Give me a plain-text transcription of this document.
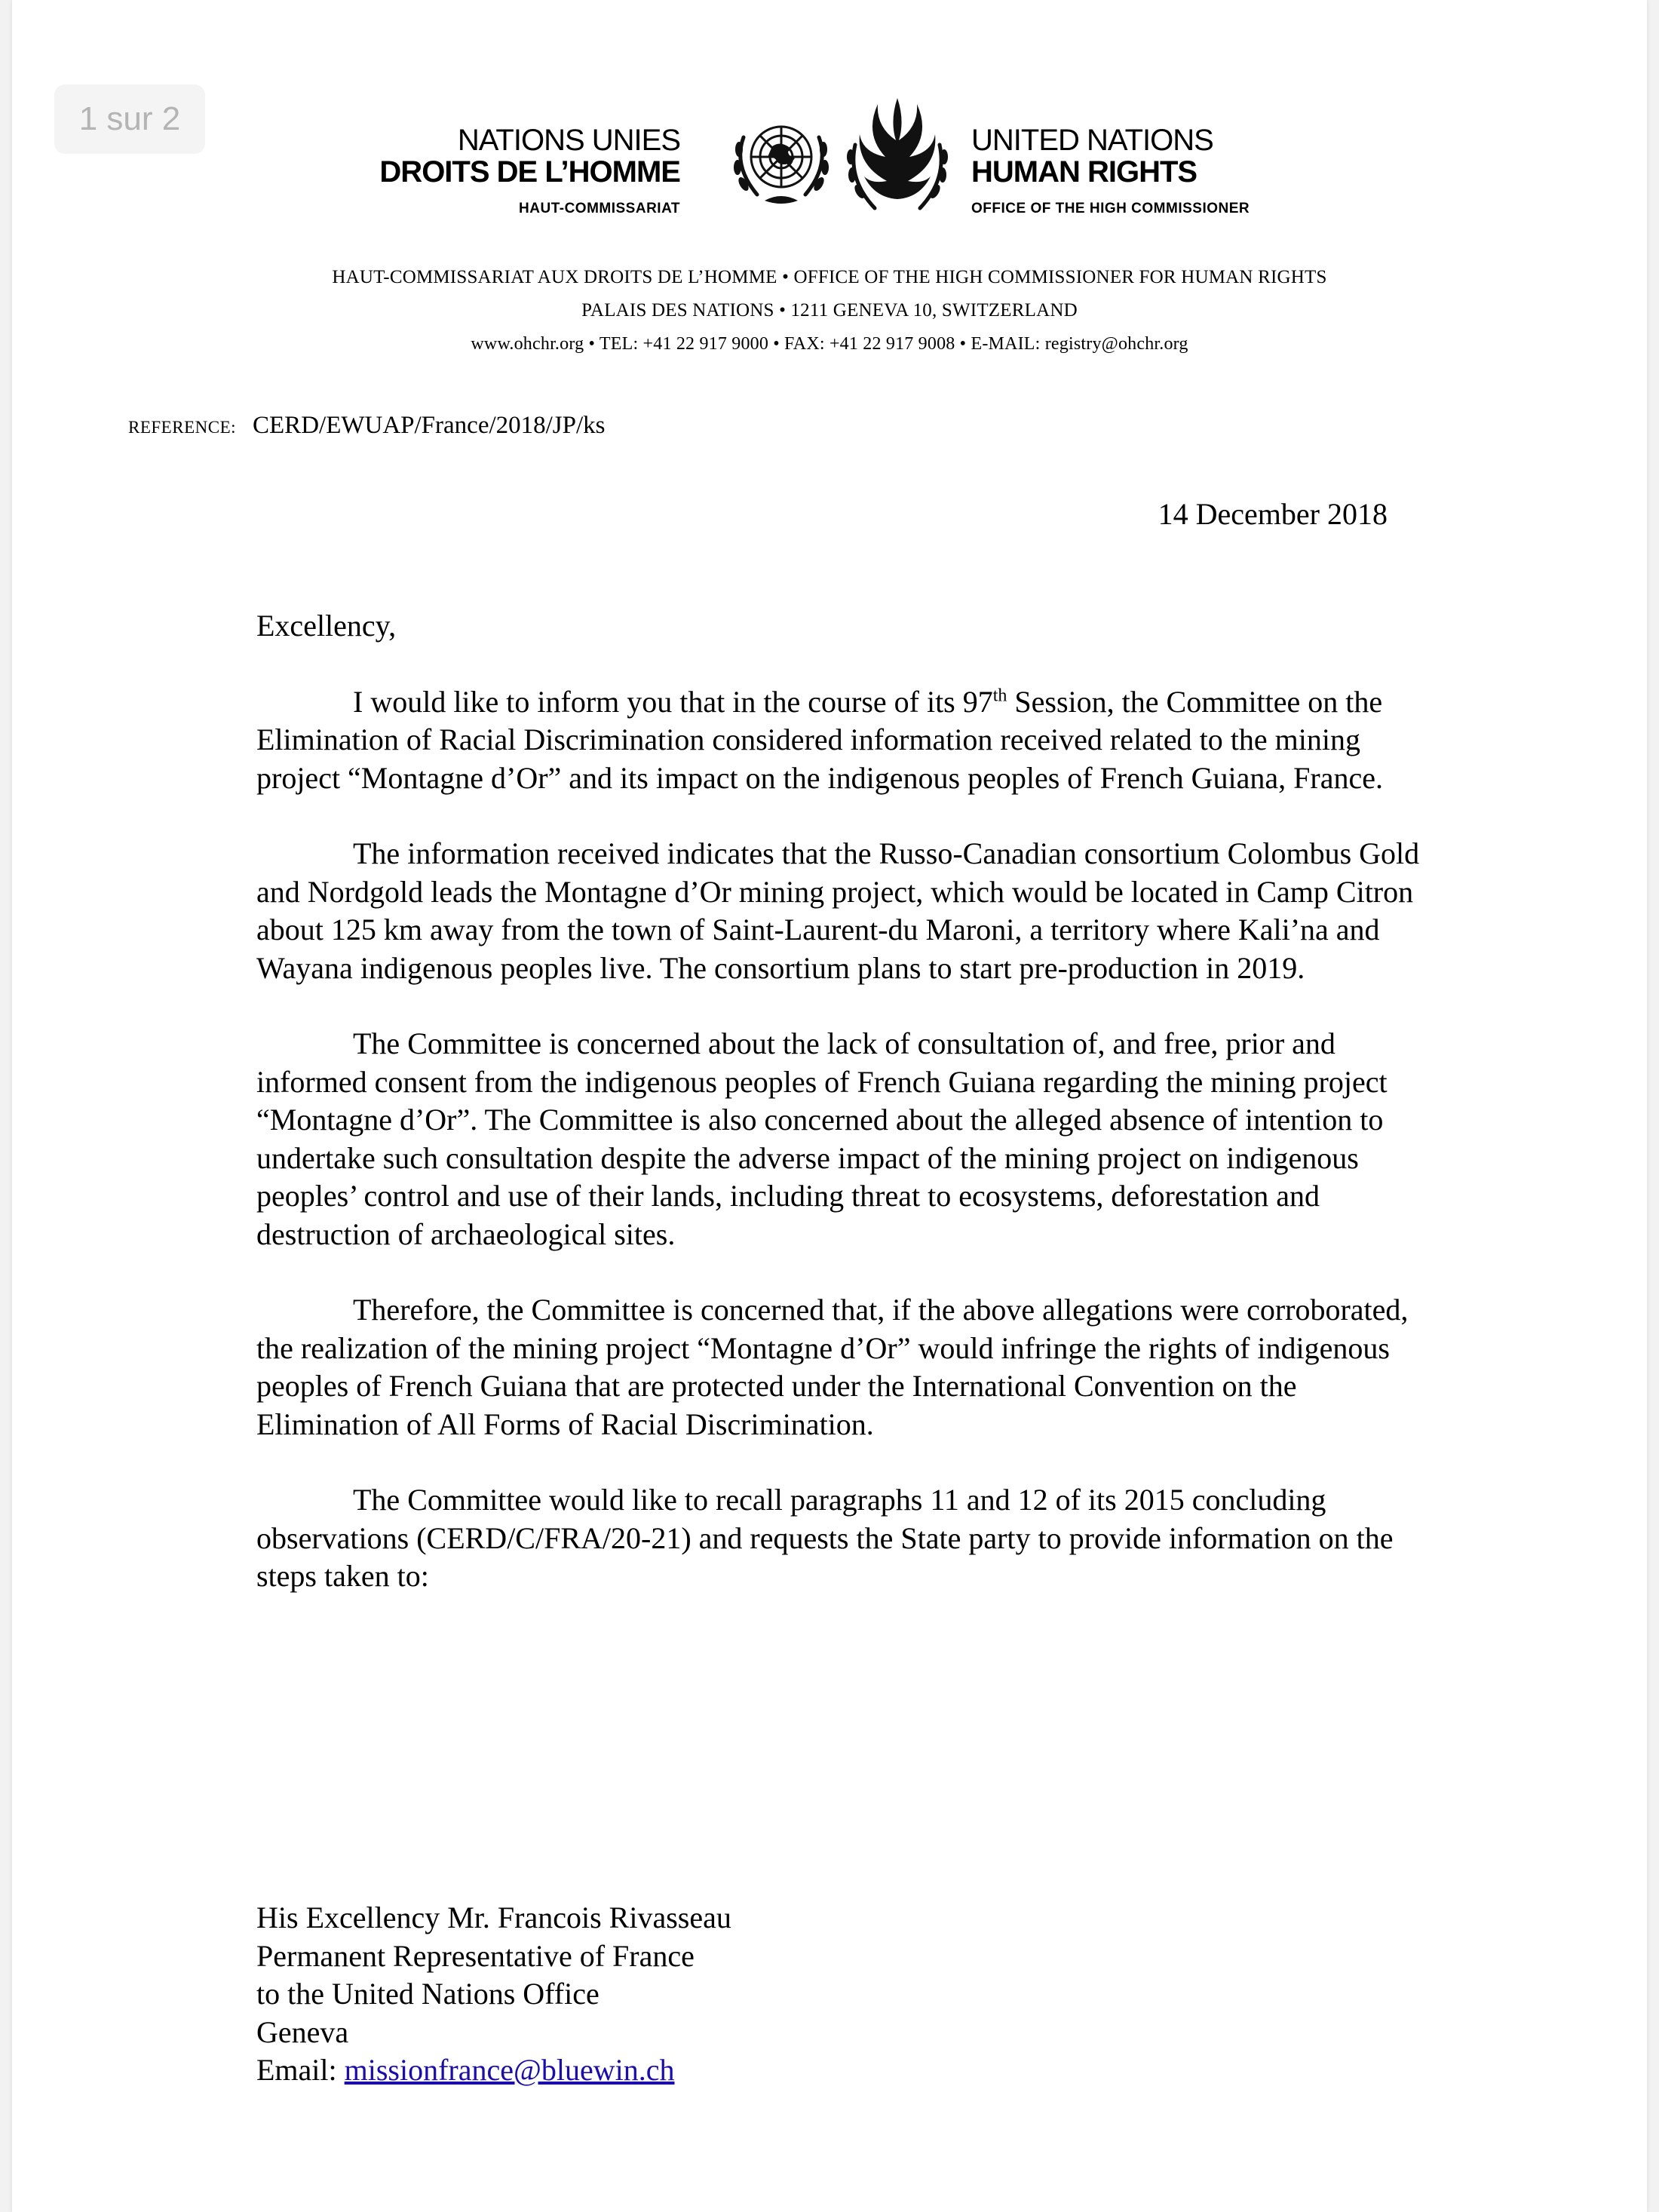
1 sur 2
NATIONS UNIES
DROITS DE L’HOMME
HAUT-COMMISSARIAT
UNITED NATIONS
HUMAN RIGHTS
OFFICE OF THE HIGH COMMISSIONER
HAUT-COMMISSARIAT AUX DROITS DE L’HOMME • OFFICE OF THE HIGH COMMISSIONER FOR HUMAN RIGHTS
PALAIS DES NATIONS • 1211 GENEVA 10, SWITZERLAND
www.ohchr.org • TEL: +41 22 917 9000 • FAX: +41 22 917 9008 • E-MAIL: registry@ohchr.org
REFERENCE: CERD/EWUAP/France/2018/JP/ks
14 December 2018

Excellency,

I would like to inform you that in the course of its 97th Session, the Committee on the Elimination of Racial Discrimination considered information received related to the mining project “Montagne d’Or” and its impact on the indigenous peoples of French Guiana, France.

The information received indicates that the Russo-Canadian consortium Colombus Gold and Nordgold leads the Montagne d’Or mining project, which would be located in Camp Citron about 125 km away from the town of Saint-Laurent-du Maroni, a territory where Kali’na and Wayana indigenous peoples live. The consortium plans to start pre-production in 2019.

The Committee is concerned about the lack of consultation of, and free, prior and informed consent from the indigenous peoples of French Guiana regarding the mining project “Montagne d’Or”. The Committee is also concerned about the alleged absence of intention to undertake such consultation despite the adverse impact of the mining project on indigenous peoples’ control and use of their lands, including threat to ecosystems, deforestation and destruction of archaeological sites.

Therefore, the Committee is concerned that, if the above allegations were corroborated, the realization of the mining project “Montagne d’Or” would infringe the rights of indigenous peoples of French Guiana that are protected under the International Convention on the Elimination of All Forms of Racial Discrimination.

The Committee would like to recall paragraphs 11 and 12 of its 2015 concluding observations (CERD/C/FRA/20-21) and requests the State party to provide information on the steps taken to:

His Excellency Mr. Francois Rivasseau
Permanent Representative of France
to the United Nations Office
Geneva
Email: missionfrance@bluewin.ch
